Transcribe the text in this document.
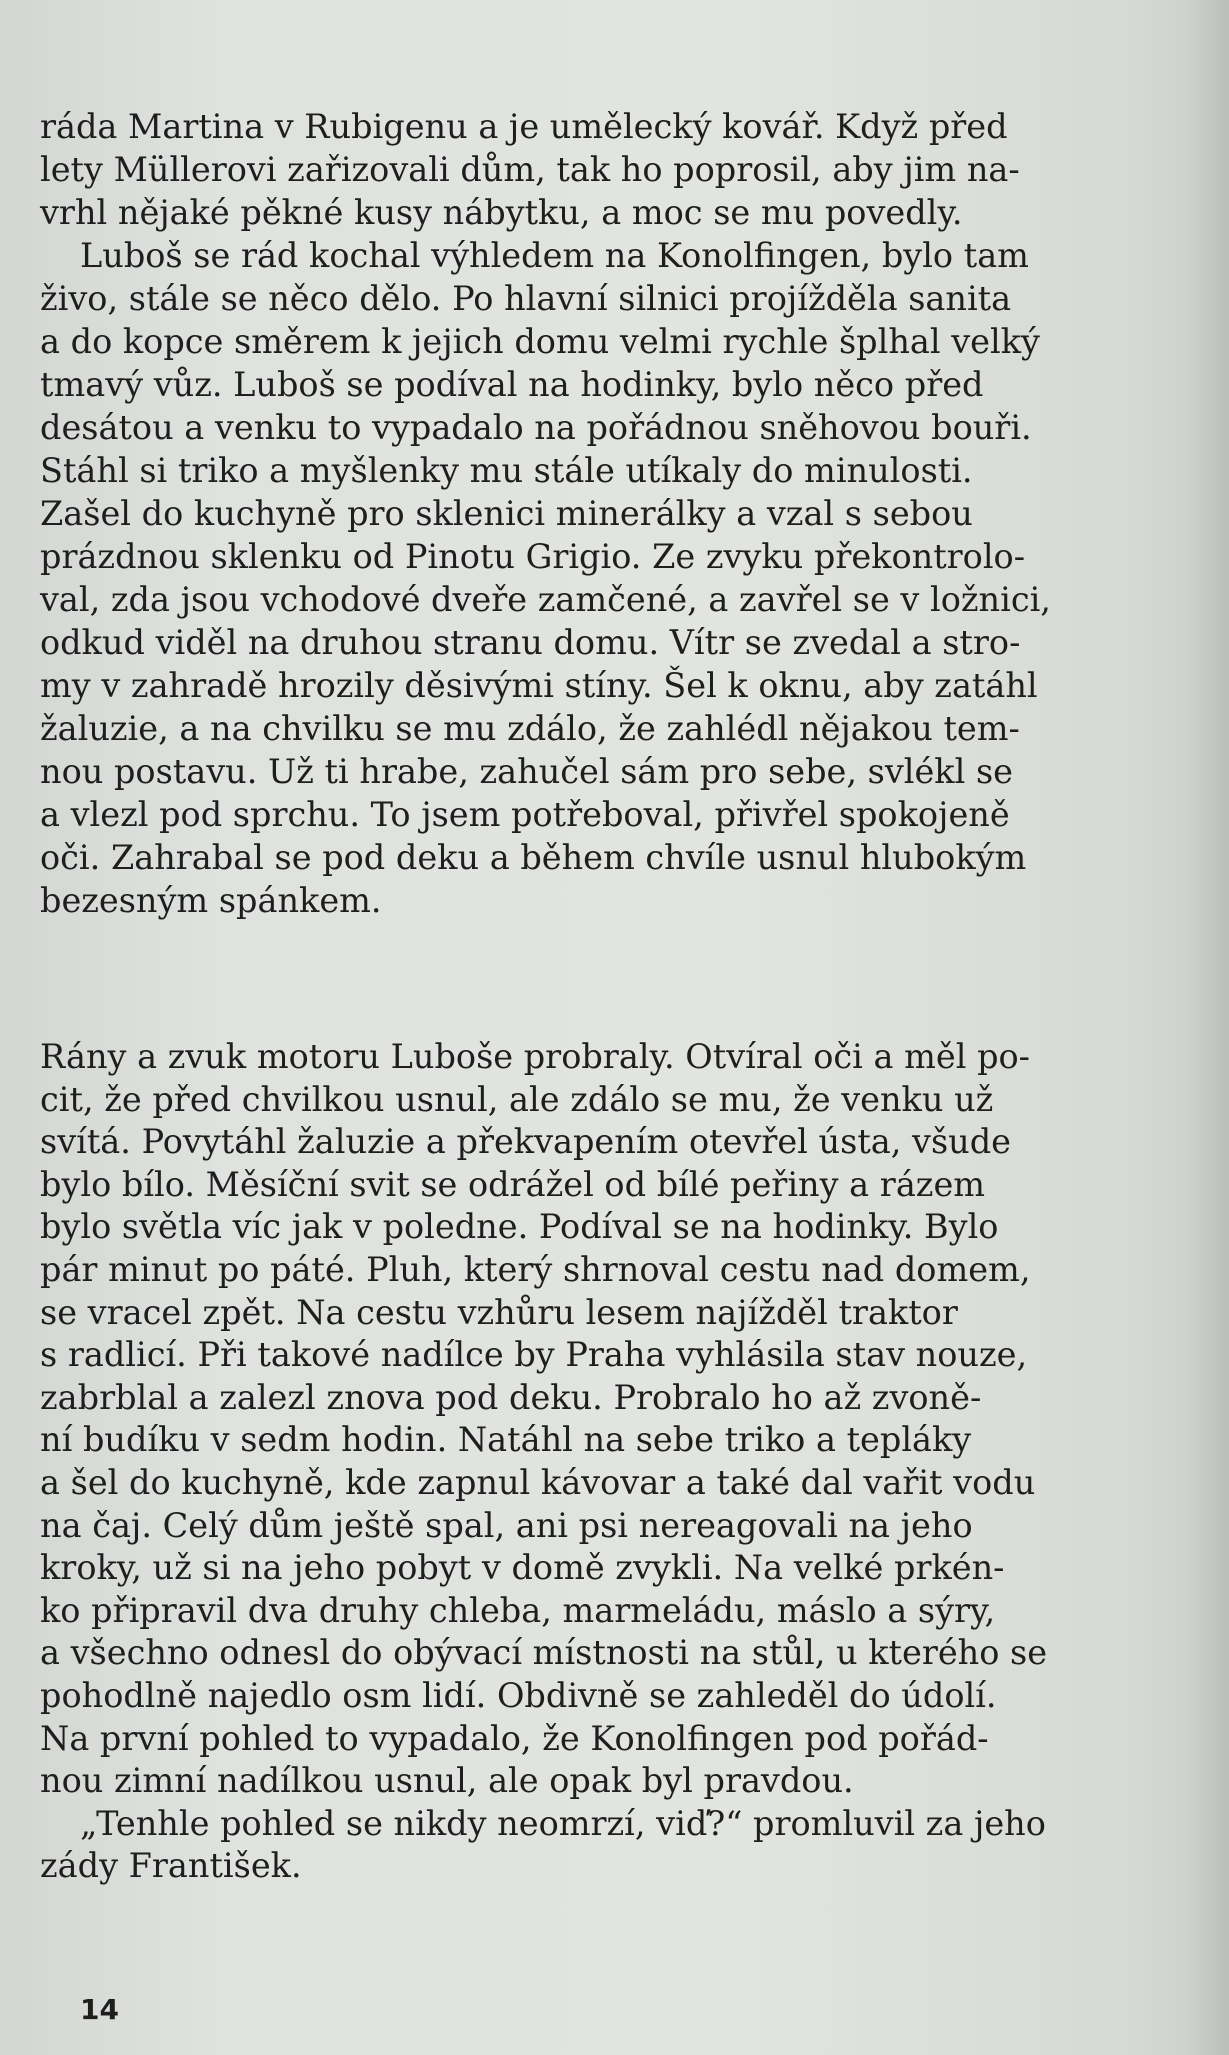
ráda Martina v Rubigenu a je umělecký kovář. Když před
lety Müllerovi zařizovali dům, tak ho poprosil, aby jim na-
vrhl nějaké pěkné kusy nábytku, a moc se mu povedly.
Luboš se rád kochal výhledem na Konolfingen, bylo tam
živo, stále se něco dělo. Po hlavní silnici projížděla sanita
a do kopce směrem k jejich domu velmi rychle šplhal velký
tmavý vůz. Luboš se podíval na hodinky, bylo něco před
desátou a venku to vypadalo na pořádnou sněhovou bouři.
Stáhl si triko a myšlenky mu stále utíkaly do minulosti.
Zašel do kuchyně pro sklenici minerálky a vzal s sebou
prázdnou sklenku od Pinotu Grigio. Ze zvyku překontrolo-
val, zda jsou vchodové dveře zamčené, a zavřel se v ložnici,
odkud viděl na druhou stranu domu. Vítr se zvedal a stro-
my v zahradě hrozily děsivými stíny. Šel k oknu, aby zatáhl
žaluzie, a na chvilku se mu zdálo, že zahlédl nějakou tem-
nou postavu. Už ti hrabe, zahučel sám pro sebe, svlékl se
a vlezl pod sprchu. To jsem potřeboval, přivřel spokojeně
oči. Zahrabal se pod deku a během chvíle usnul hlubokým
bezesným spánkem.
Rány a zvuk motoru Luboše probraly. Otvíral oči a měl po-
cit, že před chvilkou usnul, ale zdálo se mu, že venku už
svítá. Povytáhl žaluzie a překvapením otevřel ústa, všude
bylo bílo. Měsíční svit se odrážel od bílé peřiny a rázem
bylo světla víc jak v poledne. Podíval se na hodinky. Bylo
pár minut po páté. Pluh, který shrnoval cestu nad domem,
se vracel zpět. Na cestu vzhůru lesem najížděl traktor
s radlicí. Při takové nadílce by Praha vyhlásila stav nouze,
zabrblal a zalezl znova pod deku. Probralo ho až zvoně-
ní budíku v sedm hodin. Natáhl na sebe triko a tepláky
a šel do kuchyně, kde zapnul kávovar a také dal vařit vodu
na čaj. Celý dům ještě spal, ani psi nereagovali na jeho
kroky, už si na jeho pobyt v domě zvykli. Na velké prkén-
ko připravil dva druhy chleba, marmeládu, máslo a sýry,
a všechno odnesl do obývací místnosti na stůl, u kterého se
pohodlně najedlo osm lidí. Obdivně se zahleděl do údolí.
Na první pohled to vypadalo, že Konolfingen pod pořád-
nou zimní nadílkou usnul, ale opak byl pravdou.
„Tenhle pohled se nikdy neomrzí, viď?“ promluvil za jeho
zády František.
14
